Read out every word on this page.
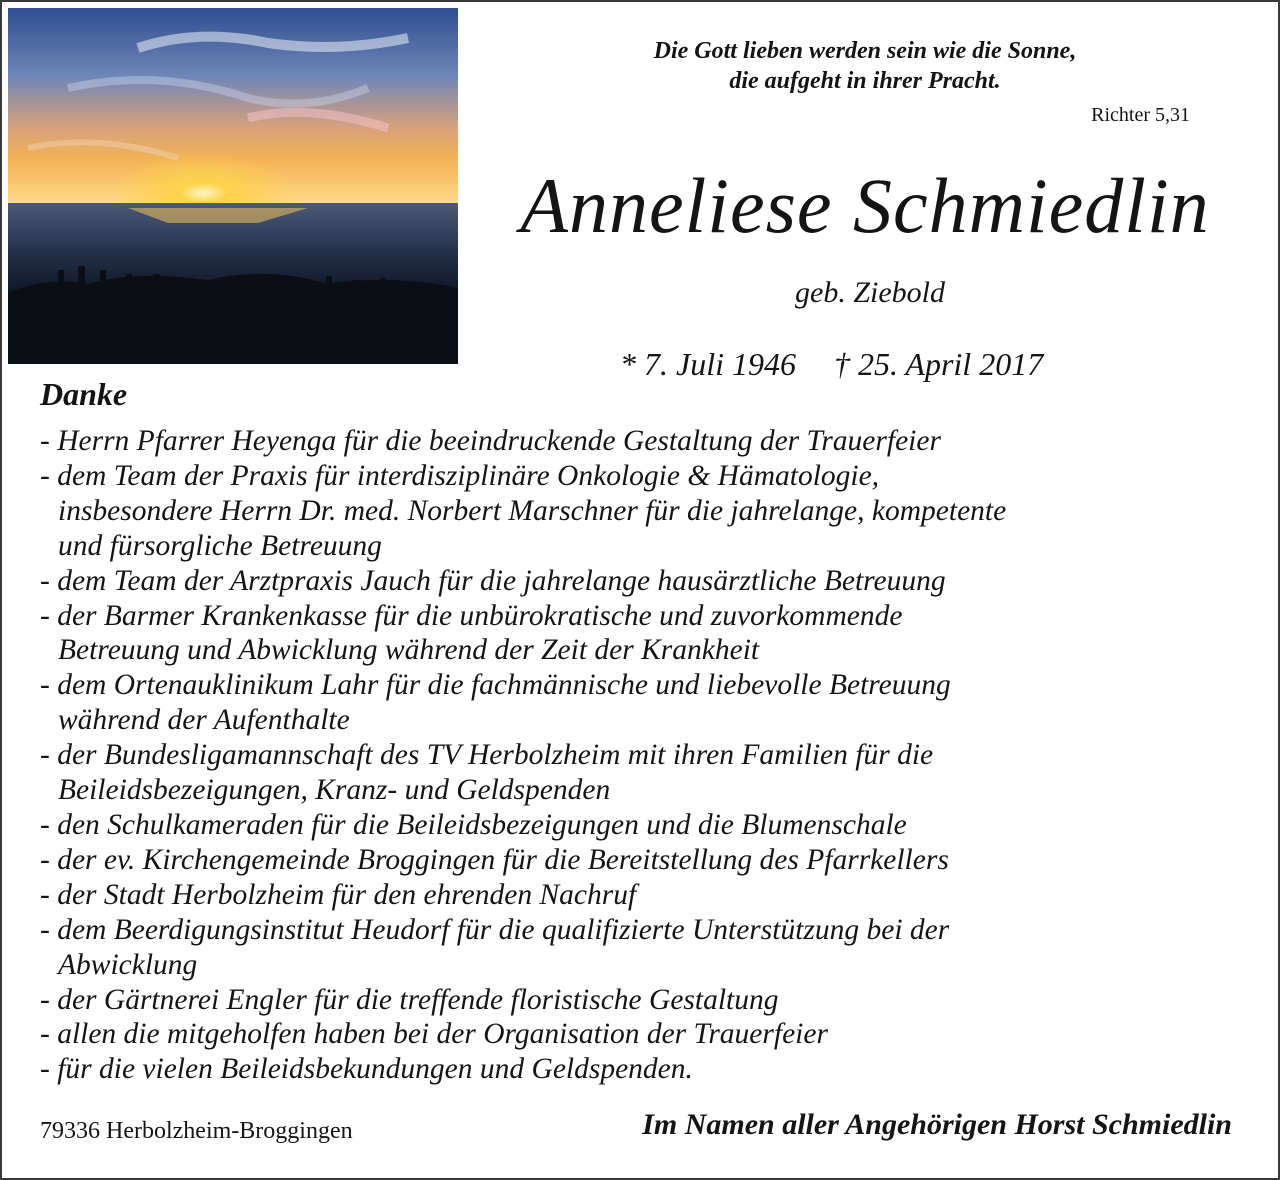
Die Gott lieben werden sein wie die Sonne,
die aufgeht in ihrer Pracht.
Richter 5,31
Anneliese Schmiedlin
geb. Ziebold
* 7. Juli 1946 † 25. April 2017
Danke
- Herrn Pfarrer Heyenga für die beeindruckende Gestaltung der Trauerfeier
- dem Team der Praxis für interdisziplinäre Onkologie & Hämatologie,
insbesondere Herrn Dr. med. Norbert Marschner für die jahrelange, kompetente
und fürsorgliche Betreuung
- dem Team der Arztpraxis Jauch für die jahrelange hausärztliche Betreuung
- der Barmer Krankenkasse für die unbürokratische und zuvorkommende
Betreuung und Abwicklung während der Zeit der Krankheit
- dem Ortenauklinikum Lahr für die fachmännische und liebevolle Betreuung
während der Aufenthalte
- der Bundesligamannschaft des TV Herbolzheim mit ihren Familien für die
Beileidsbezeigungen, Kranz- und Geldspenden
- den Schulkameraden für die Beileidsbezeigungen und die Blumenschale
- der ev. Kirchengemeinde Broggingen für die Bereitstellung des Pfarrkellers
- der Stadt Herbolzheim für den ehrenden Nachruf
- dem Beerdigungsinstitut Heudorf für die qualifizierte Unterstützung bei der
Abwicklung
- der Gärtnerei Engler für die treffende floristische Gestaltung
- allen die mitgeholfen haben bei der Organisation der Trauerfeier
- für die vielen Beileidsbekundungen und Geldspenden.
79336 Herbolzheim-Broggingen	Im Namen aller Angehörigen Horst Schmiedlin
